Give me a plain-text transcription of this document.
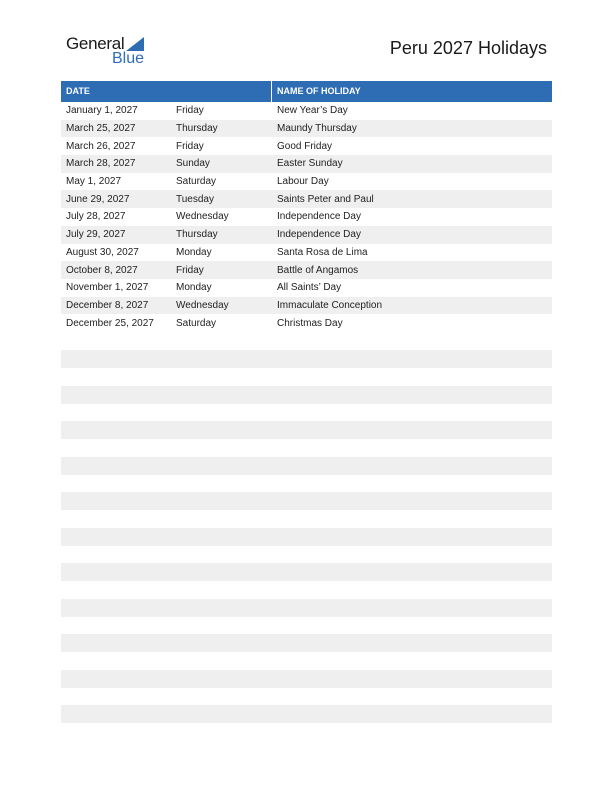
General
Blue
Peru 2027 Holidays
DATE	NAME OF HOLIDAY
January 1, 2027	Friday	New Year’s Day
March 25, 2027	Thursday	Maundy Thursday
March 26, 2027	Friday	Good Friday
March 28, 2027	Sunday	Easter Sunday
May 1, 2027	Saturday	Labour Day
June 29, 2027	Tuesday	Saints Peter and Paul
July 28, 2027	Wednesday	Independence Day
July 29, 2027	Thursday	Independence Day
August 30, 2027	Monday	Santa Rosa de Lima
October 8, 2027	Friday	Battle of Angamos
November 1, 2027	Monday	All Saints’ Day
December 8, 2027	Wednesday	Immaculate Conception
December 25, 2027	Saturday	Christmas Day
